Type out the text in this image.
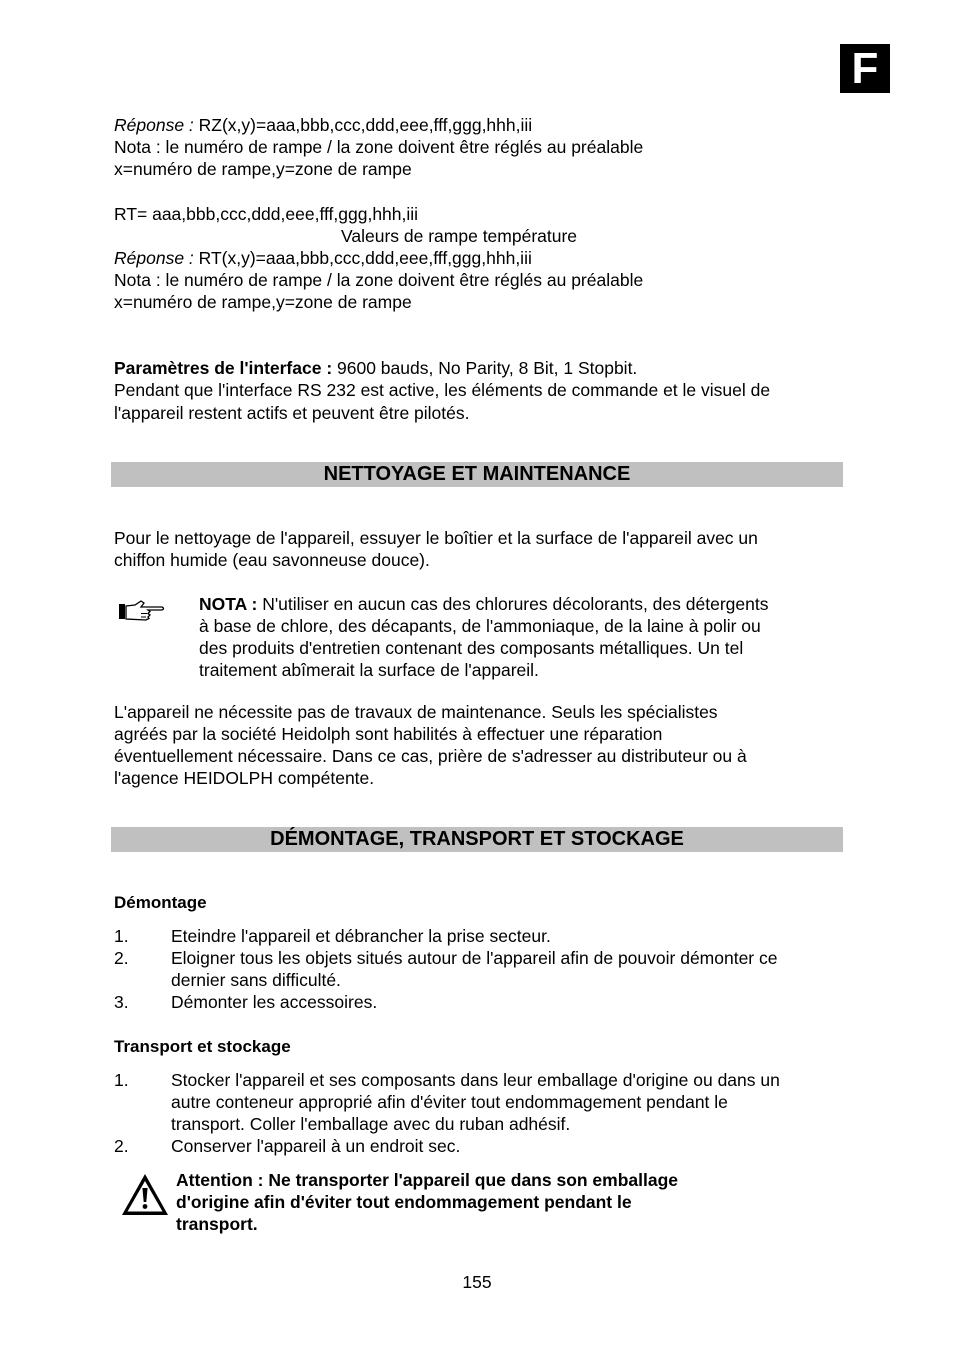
F
Réponse : RZ(x,y)=aaa,bbb,ccc,ddd,eee,fff,ggg,hhh,iii
Nota : le numéro de rampe / la zone doivent être réglés au préalable
x=numéro de rampe,y=zone de rampe
RT= aaa,bbb,ccc,ddd,eee,fff,ggg,hhh,iii
Valeurs de rampe température
Réponse : RT(x,y)=aaa,bbb,ccc,ddd,eee,fff,ggg,hhh,iii
Nota : le numéro de rampe / la zone doivent être réglés au préalable
x=numéro de rampe,y=zone de rampe
Paramètres de l'interface : 9600 bauds, No Parity, 8 Bit, 1 Stopbit.
Pendant que l'interface RS 232 est active, les éléments de commande et le visuel de
l'appareil restent actifs et peuvent être pilotés.
NETTOYAGE ET MAINTENANCE
Pour le nettoyage de l'appareil, essuyer le boîtier et la surface de l'appareil avec un
chiffon humide (eau savonneuse douce).
NOTA : N'utiliser en aucun cas des chlorures décolorants, des détergents
à base de chlore, des décapants, de l'ammoniaque, de la laine à polir ou
des produits d'entretien contenant des composants métalliques. Un tel
traitement abîmerait la surface de l'appareil.
L'appareil ne nécessite pas de travaux de maintenance. Seuls les spécialistes
agréés par la société Heidolph sont habilités à effectuer une réparation
éventuellement nécessaire. Dans ce cas, prière de s'adresser au distributeur ou à
l'agence HEIDOLPH compétente.
DÉMONTAGE, TRANSPORT ET STOCKAGE
Démontage
1. Eteindre l'appareil et débrancher la prise secteur.
2. Eloigner tous les objets situés autour de l'appareil afin de pouvoir démonter ce
dernier sans difficulté.
3. Démonter les accessoires.
Transport et stockage
1. Stocker l'appareil et ses composants dans leur emballage d'origine ou dans un
autre conteneur approprié afin d'éviter tout endommagement pendant le
transport. Coller l'emballage avec du ruban adhésif.
2. Conserver l'appareil à un endroit sec.
Attention : Ne transporter l'appareil que dans son emballage
d'origine afin d'éviter tout endommagement pendant le
transport.
155
